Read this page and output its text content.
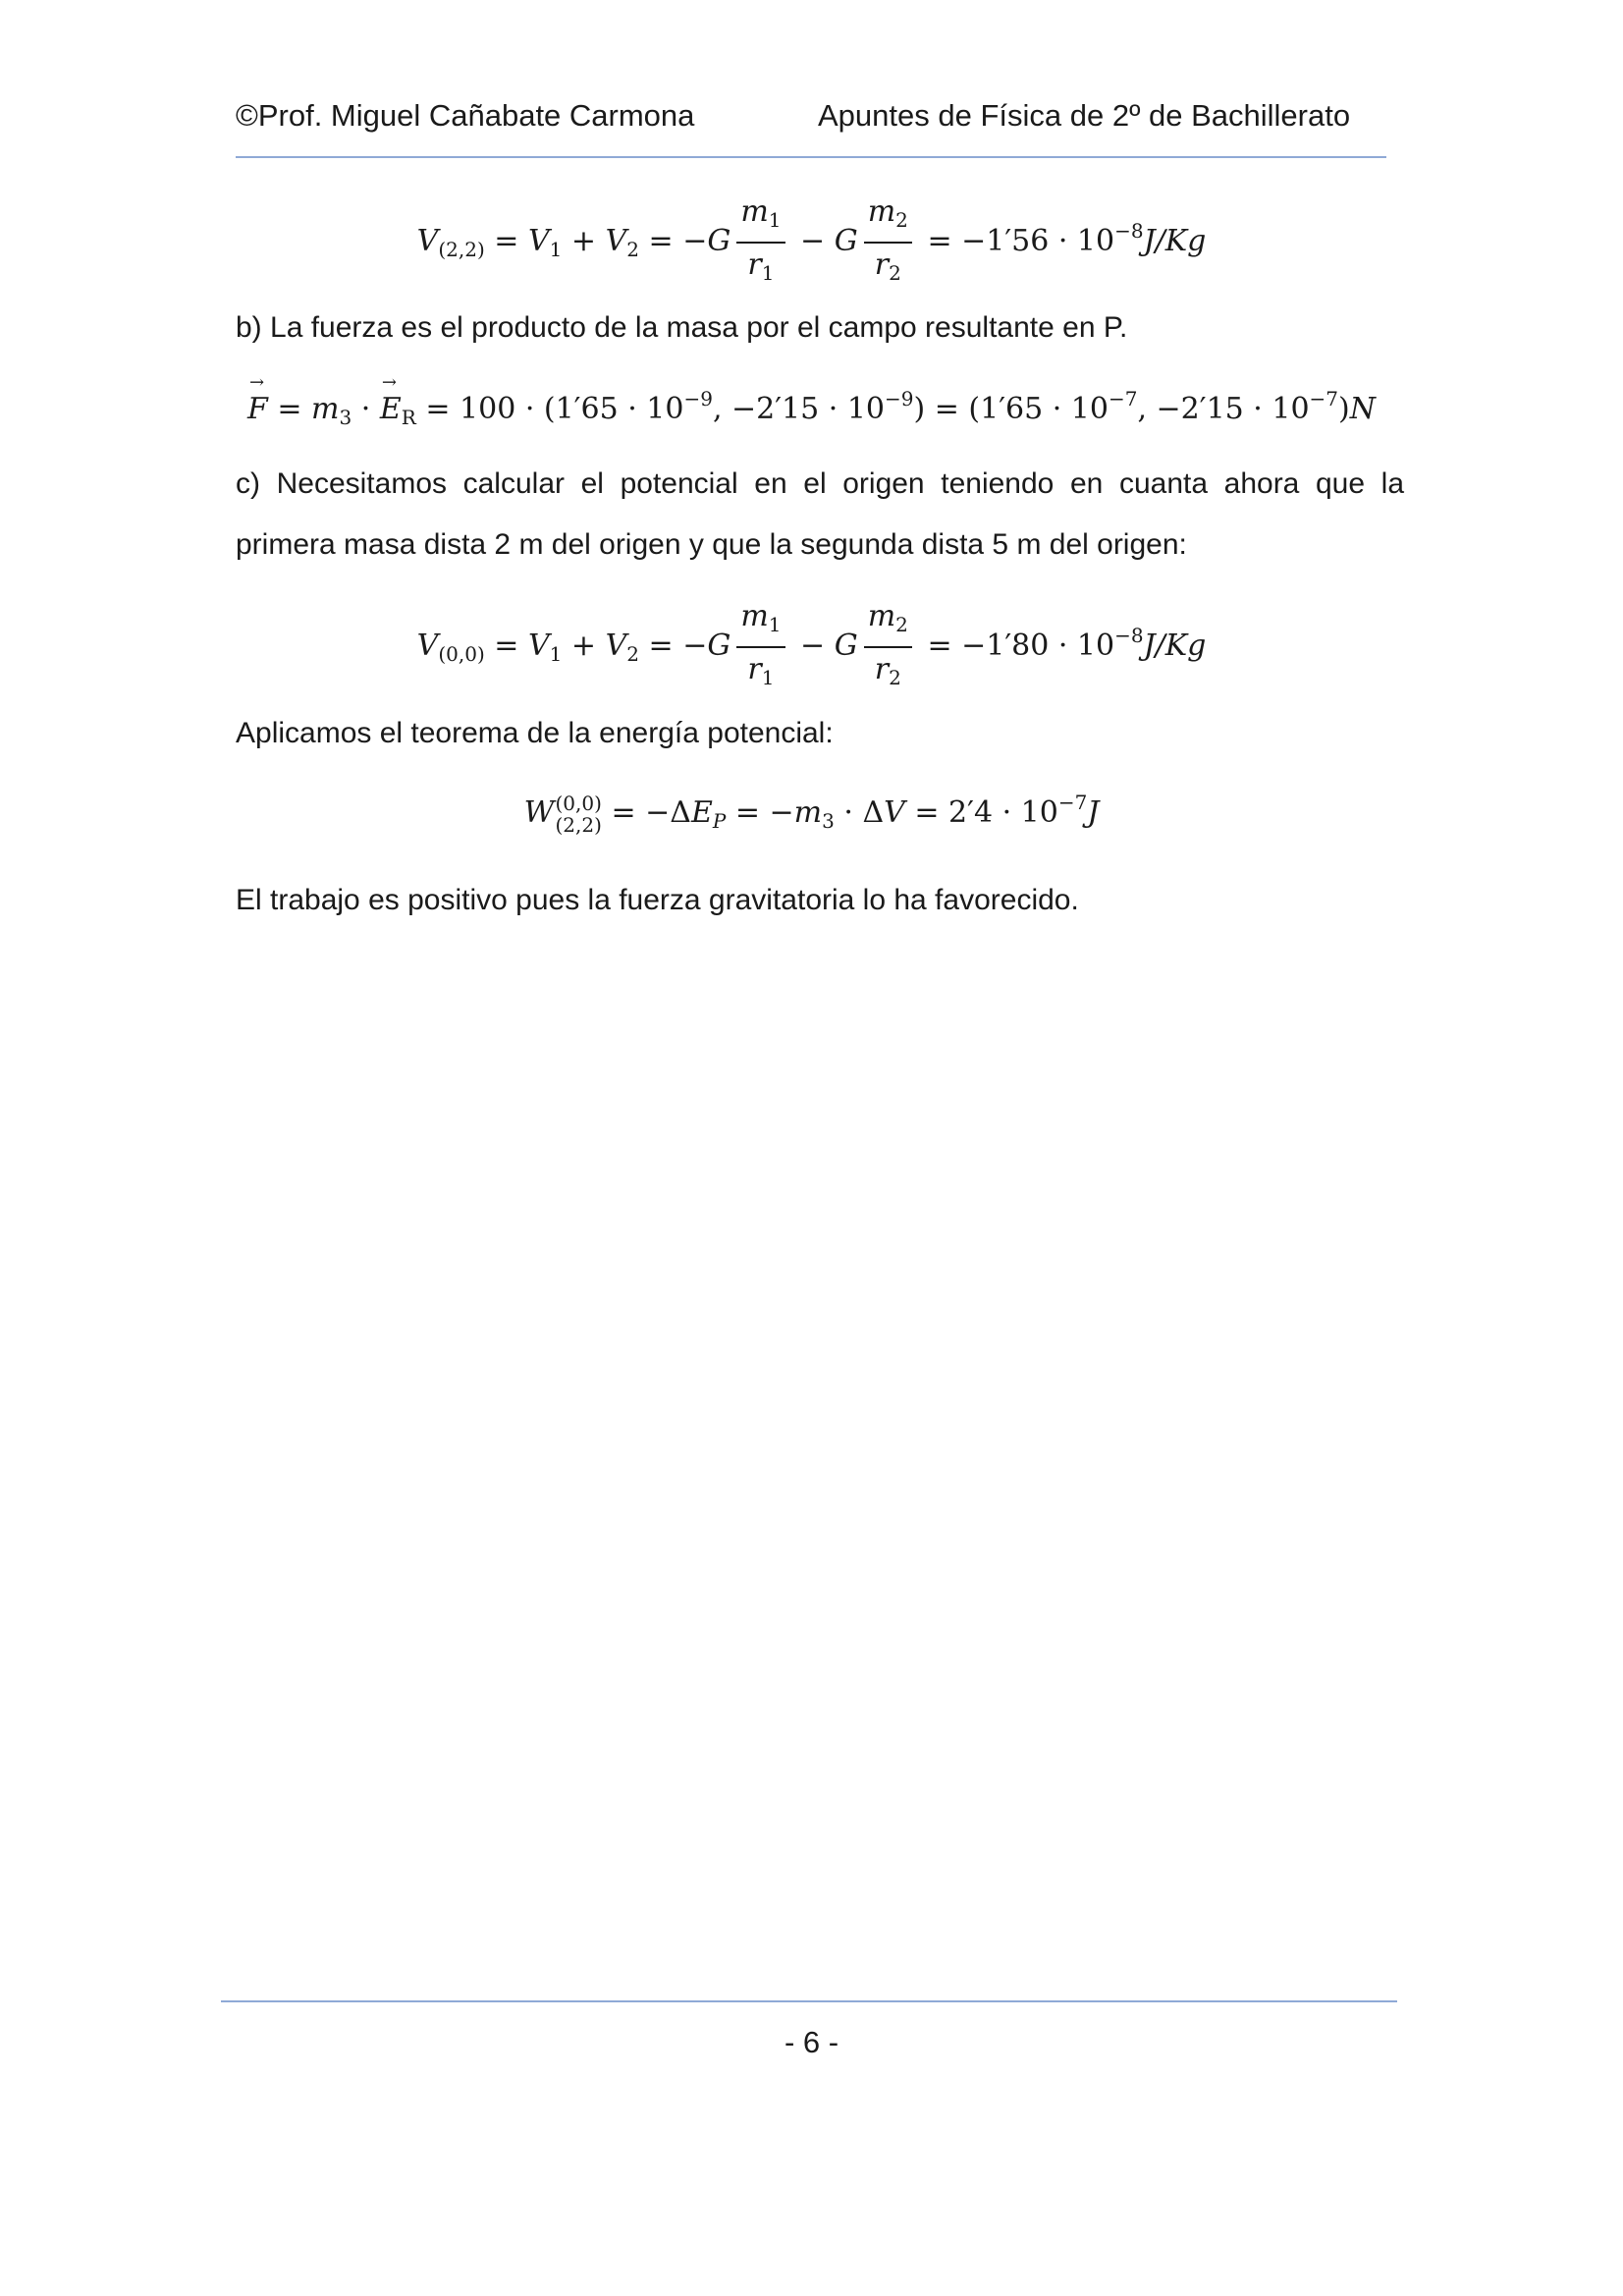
©Prof. Miguel Cañabate Carmona	Apuntes de Física de 2º de Bachillerato
$V_{(2,2)} = V_1 + V_2 = -G \frac{m_1}{r_1} - G \frac{m_2}{r_2} = -1'56 \cdot 10^{-8}J/Kg$
b) La fuerza es el producto de la masa por el campo resultante en P.
→ $F = m_3$ · → $E_R = 100 \cdot (1'65 \cdot 10^{-9}$, $-2'15 \cdot 10^{-9}) = (1'65 \cdot 10^{-7}$, $-2'15 \cdot 10^{-7})N$
c) Necesitamos calcular el potencial en el origen teniendo en cuanta ahora que la primera masa dista 2 m del origen y que la segunda dista 5 m del origen:
$V_{(0,0)} = V_1 + V_2 = -G \frac{m_1}{r_1} - G \frac{m_2}{r_2} = -1'80 \cdot 10^{-8}J/Kg$
Aplicamos el teorema de la energía potencial:
W (0,0)
$(2,2) = -\Delta E_P = -m_3 \cdot \Delta V = 2'4 \cdot 10^{-7}J$
El trabajo es positivo pues la fuerza gravitatoria lo ha favorecido.
- 6 -
